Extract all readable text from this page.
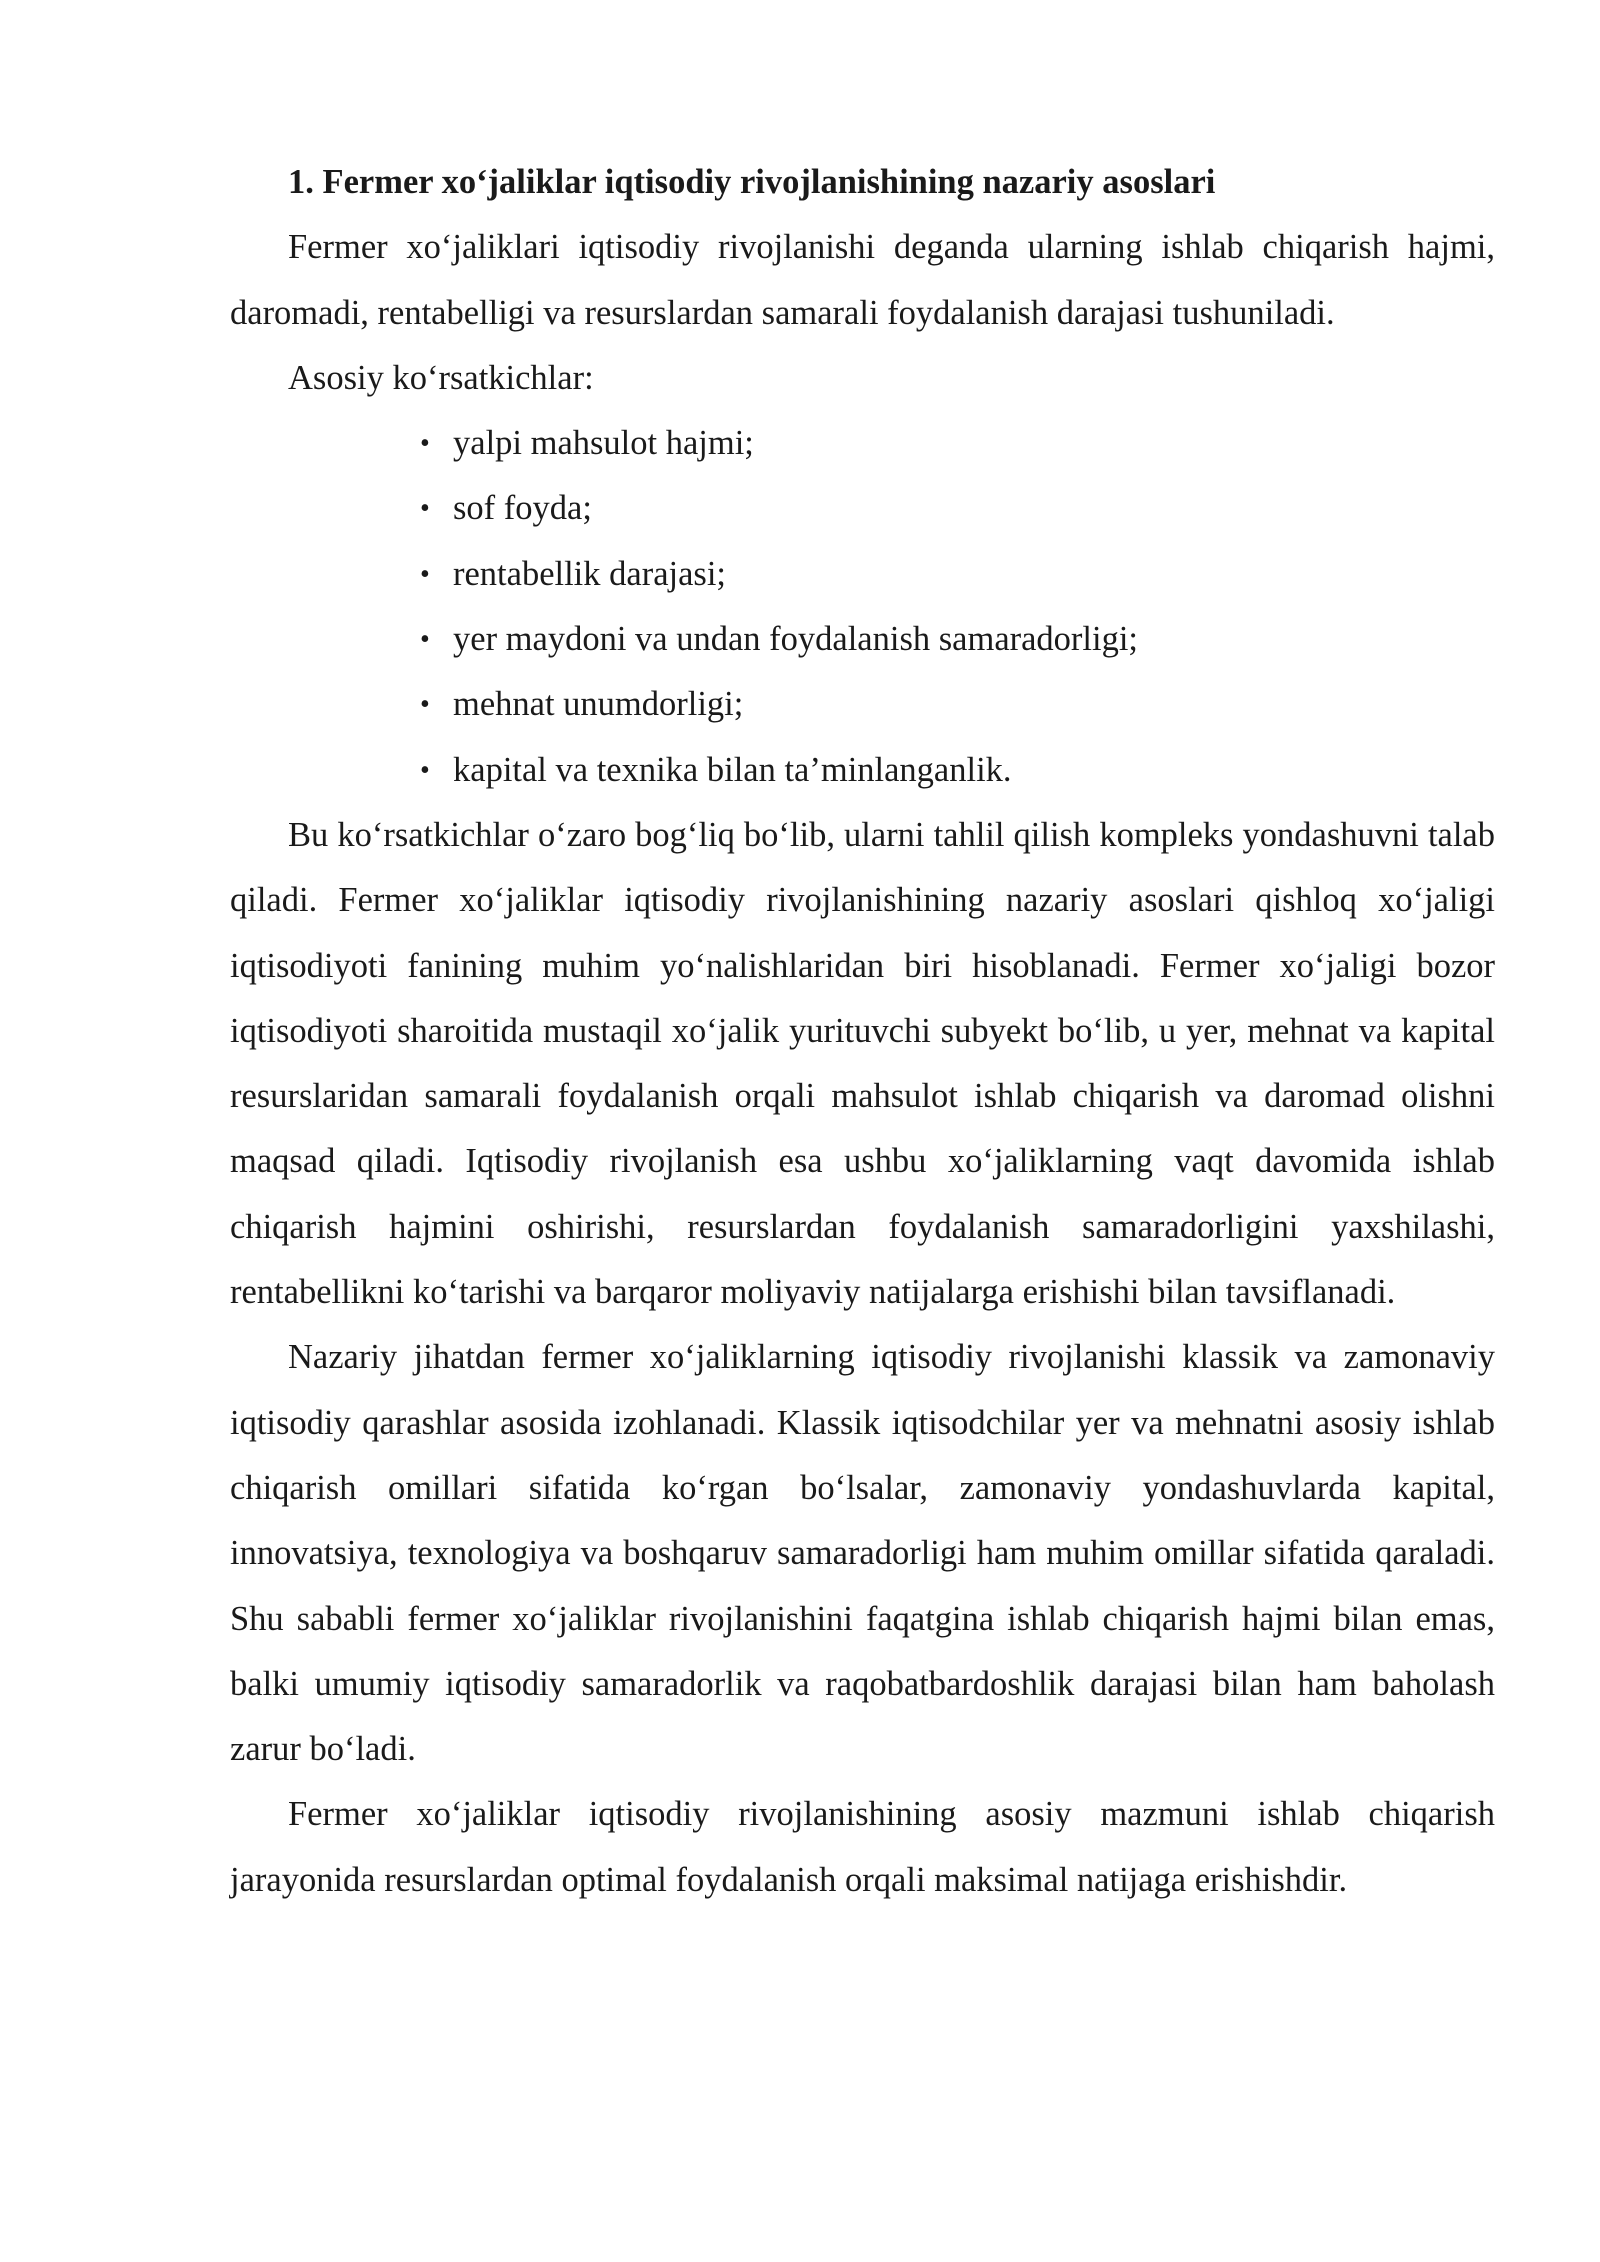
1. Fermer xo‘jaliklar iqtisodiy rivojlanishining nazariy asoslari

Fermer xo‘jaliklari iqtisodiy rivojlanishi deganda ularning ishlab chiqarish hajmi, daromadi, rentabelligi va resurslardan samarali foydalanish darajasi tushuniladi.

Asosiy ko‘rsatkichlar:

• yalpi mahsulot hajmi;
• sof foyda;
• rentabellik darajasi;
• yer maydoni va undan foydalanish samaradorligi;
• mehnat unumdorligi;
• kapital va texnika bilan ta’minlanganlik.

Bu ko‘rsatkichlar o‘zaro bog‘liq bo‘lib, ularni tahlil qilish kompleks yondashuvni talab qiladi. Fermer xo‘jaliklar iqtisodiy rivojlanishining nazariy asoslari qishloq xo‘jaligi iqtisodiyoti fanining muhim yo‘nalishlaridan biri hisoblanadi. Fermer xo‘jaligi bozor iqtisodiyoti sharoitida mustaqil xo‘jalik yurituvchi subyekt bo‘lib, u yer, mehnat va kapital resurslaridan samarali foydalanish orqali mahsulot ishlab chiqarish va daromad olishni maqsad qiladi. Iqtisodiy rivojlanish esa ushbu xo‘jaliklarning vaqt davomida ishlab chiqarish hajmini oshirishi, resurslardan foydalanish samaradorligini yaxshilashi, rentabellikni ko‘tarishi va barqaror moliyaviy natijalarga erishishi bilan tavsiflanadi.

Nazariy jihatdan fermer xo‘jaliklarning iqtisodiy rivojlanishi klassik va zamonaviy iqtisodiy qarashlar asosida izohlanadi. Klassik iqtisodchilar yer va mehnatni asosiy ishlab chiqarish omillari sifatida ko‘rgan bo‘lsalar, zamonaviy yondashuvlarda kapital, innovatsiya, texnologiya va boshqaruv samaradorligi ham muhim omillar sifatida qaraladi. Shu sababli fermer xo‘jaliklar rivojlanishini faqatgina ishlab chiqarish hajmi bilan emas, balki umumiy iqtisodiy samaradorlik va raqobatbardoshlik darajasi bilan ham baholash zarur bo‘ladi.

Fermer xo‘jaliklar iqtisodiy rivojlanishining asosiy mazmuni ishlab chiqarish jarayonida resurslardan optimal foydalanish orqali maksimal natijaga erishishdir.
